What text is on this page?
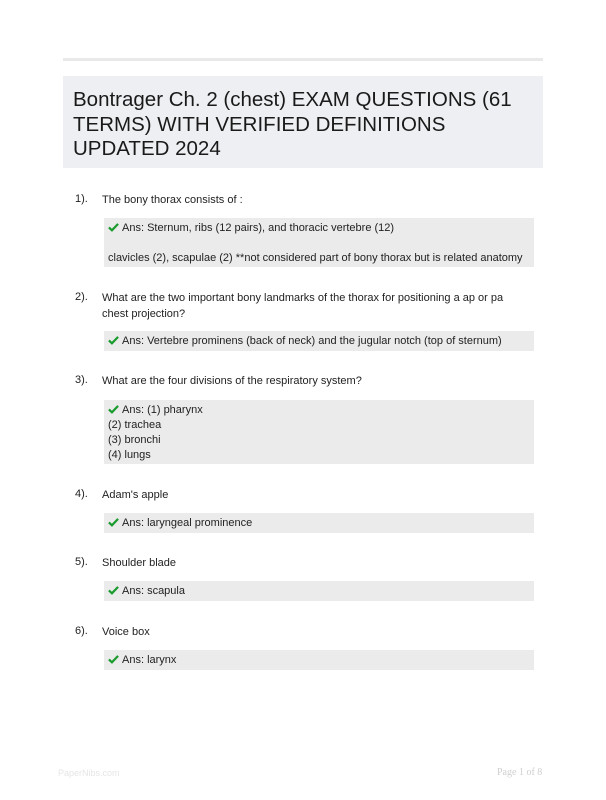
Bontrager Ch. 2 (chest) EXAM QUESTIONS (61 TERMS) WITH VERIFIED DEFINITIONS UPDATED 2024
1). The bony thorax consists of :

Ans: Sternum, ribs (12 pairs), and thoracic vertebre (12)

clavicles (2), scapulae (2) **not considered part of bony thorax but is related anatomy

2). What are the two important bony landmarks of the thorax for positioning a ap or pa chest projection?

Ans: Vertebre prominens (back of neck) and the jugular notch (top of sternum)

3). What are the four divisions of the respiratory system?

Ans: (1) pharynx

(2) trachea

(3) bronchi

(4) lungs

4). Adam's apple

Ans: laryngeal prominence

5). Shoulder blade

Ans: scapula

6). Voice box

Ans: larynx

PaperNibs.com	Page 1 of 8
